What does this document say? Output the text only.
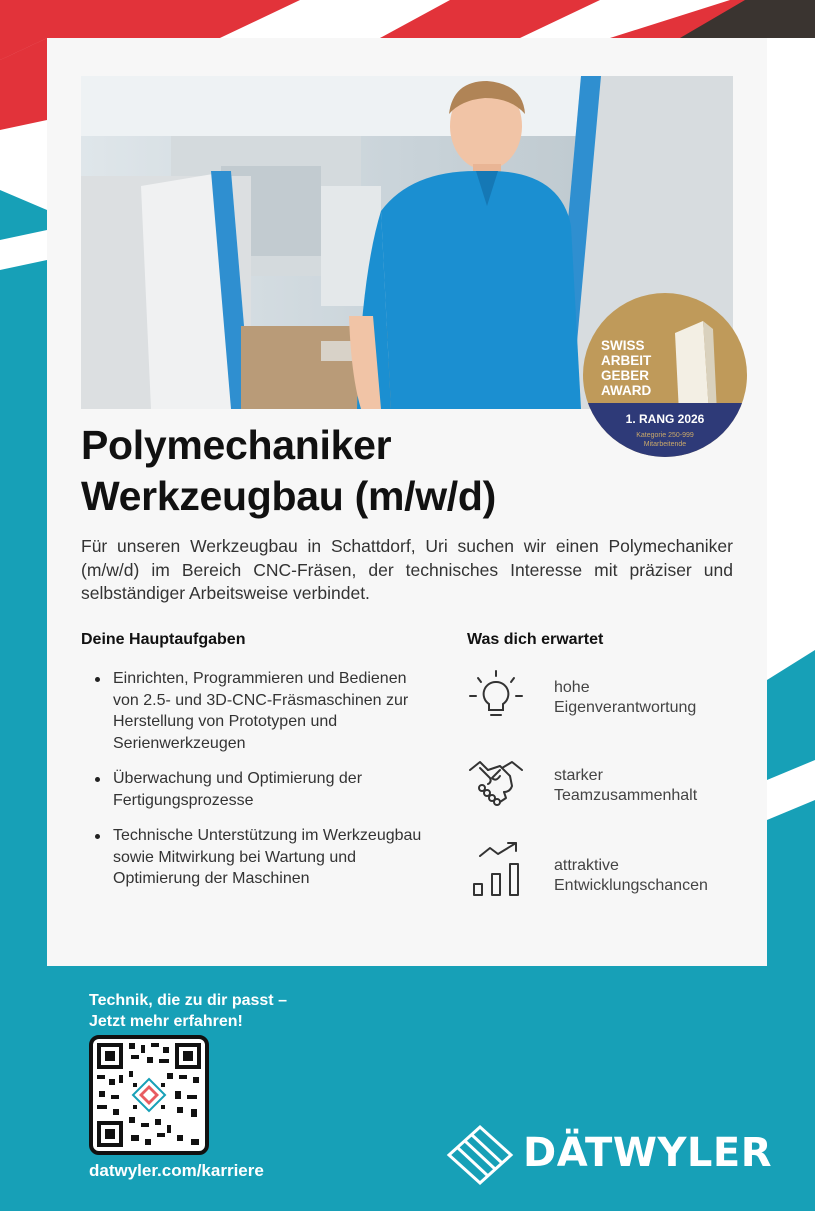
SWISS
ARBEIT
GEBER
AWARD
1. RANG 2026
Kategorie 250-999
Mitarbeitende
Polymechaniker
Werkzeugbau (m/w/d)

Für unseren Werkzeugbau in Schattdorf, Uri suchen wir einen Polymechaniker (m/w/d) im Bereich CNC-Fräsen, der technisches Interesse mit präziser und selbständiger Arbeitsweise verbindet.

Deine Hauptaufgaben
Einrichten, Programmieren und Bedienen von 2.5- und 3D-CNC-Fräsmaschinen zur Herstellung von Prototypen und Serienwerkzeugen
Überwachung und Optimierung der Fertigungsprozesse
Technische Unterstützung im Werkzeugbau sowie Mitwirkung bei Wartung und Optimierung der Maschinen
Was dich erwartet
hohe
Eigenverantwortung
starker
Teamzusammenhalt
attraktive
Entwicklungschancen
Technik, die zu dir passt –
Jetzt mehr erfahren!

datwyler.com/karriere	DÄTWYLER
